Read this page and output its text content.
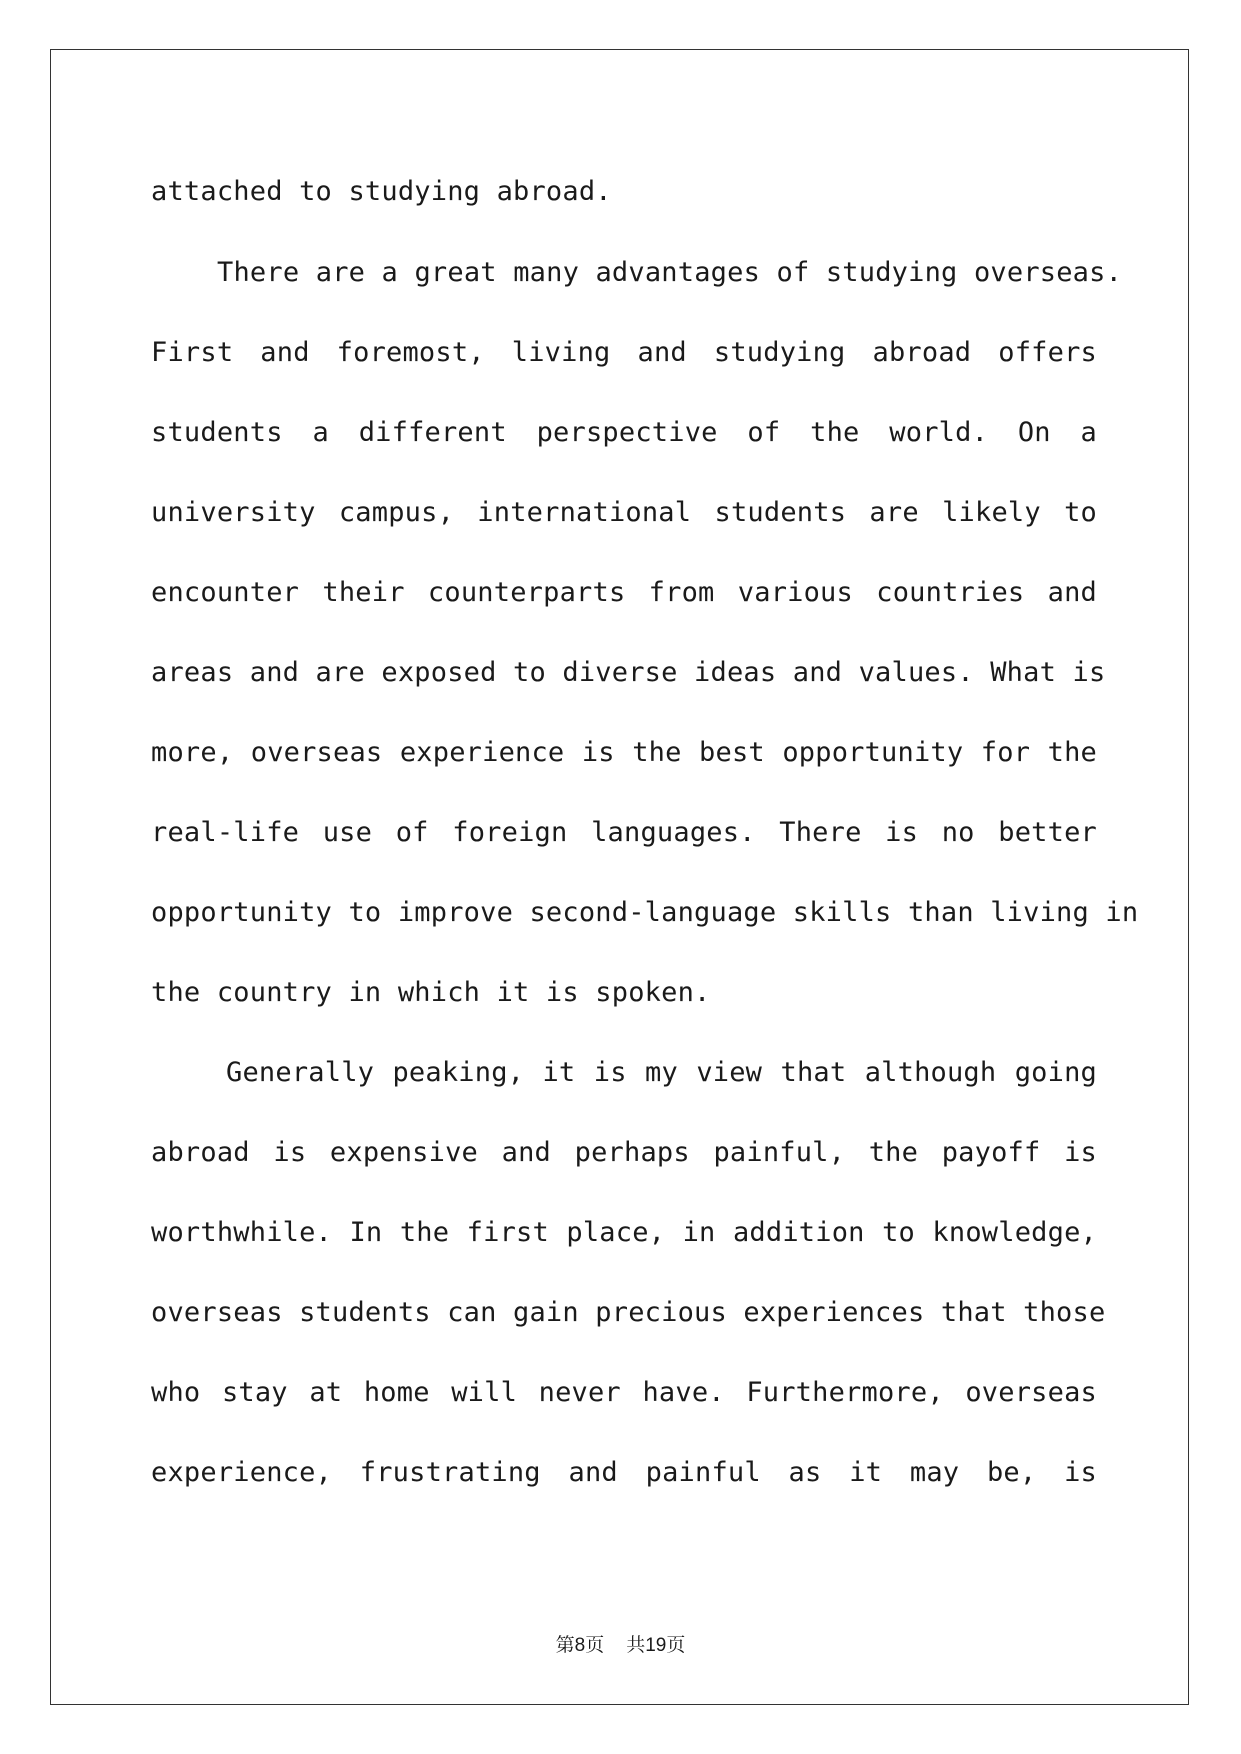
attached to studying abroad.
There are a great many advantages of studying overseas.
First and foremost, living and studying abroad offers
students a different perspective of the world. On a
university campus, international students are likely to
encounter their counterparts from various countries and
areas and are exposed to diverse ideas and values. What is
more, overseas experience is the best opportunity for the
real-life use of foreign languages. There is no better
opportunity to improve second-language skills than living in
the country in which it is spoken.
Generally peaking, it is my view that although going
abroad is expensive and perhaps painful, the payoff is
worthwhile. In the first place, in addition to knowledge,
overseas students can gain precious experiences that those
who stay at home will never have. Furthermore, overseas
experience, frustrating and painful as it may be, is
第8页 共19页
